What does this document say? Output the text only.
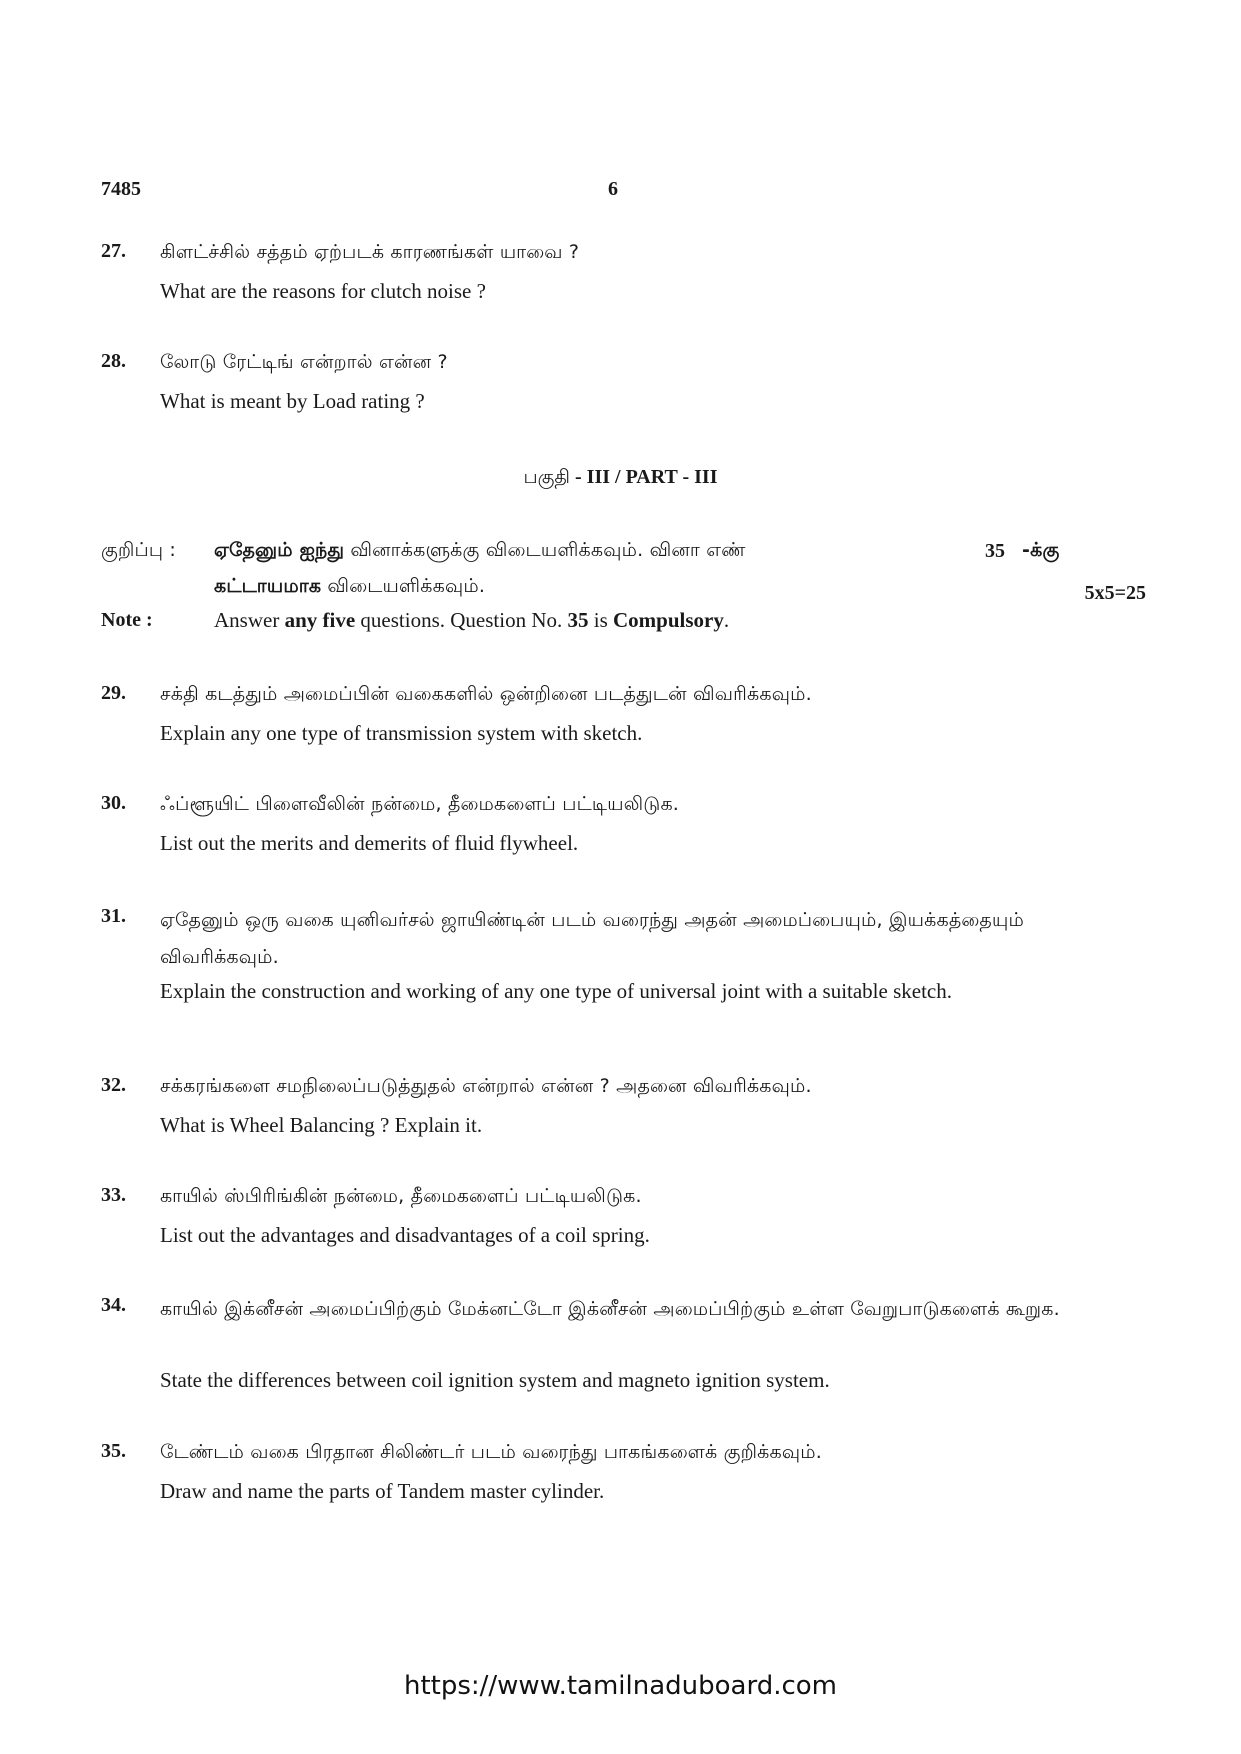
7485	6
27. கிளட்ச்சில் சத்தம் ஏற்படக் காரணங்கள் யாவை ?
What are the reasons for clutch noise ?
28. லோடு ரேட்டிங் என்றால் என்ன ?
What is meant by Load rating ?
பகுதி - III / PART - III
குறிப்பு : ஏதேனும் ஐந்து வினாக்களுக்கு விடையளிக்கவும். வினா எண்	35 -க்கு
கட்டாயமாக விடையளிக்கவும்.	5x5=25
Note :	Answer any five questions. Question No. 35 is Compulsory.
29. சக்தி கடத்தும் அமைப்பின் வகைகளில் ஒன்றினை படத்துடன் விவரிக்கவும்.
Explain any one type of transmission system with sketch.
30. ஃப்ளூயிட் பிளைவீலின் நன்மை, தீமைகளைப் பட்டியலிடுக.
List out the merits and demerits of fluid flywheel.
31. ஏதேனும் ஒரு வகை யுனிவர்சல் ஜாயிண்டின் படம் வரைந்து அதன் அமைப்பையும், இயக்கத்தையும் விவரிக்கவும்.
Explain the construction and working of any one type of universal joint with a suitable sketch.
32. சக்கரங்களை சமநிலைப்படுத்துதல் என்றால் என்ன ? அதனை விவரிக்கவும்.
What is Wheel Balancing ? Explain it.
33. காயில் ஸ்பிரிங்கின் நன்மை, தீமைகளைப் பட்டியலிடுக.
List out the advantages and disadvantages of a coil spring.
34. காயில் இக்னீசன் அமைப்பிற்கும் மேக்னட்டோ இக்னீசன் அமைப்பிற்கும் உள்ள வேறுபாடுகளைக் கூறுக.
State the differences between coil ignition system and magneto ignition system.
35. டேண்டம் வகை பிரதான சிலிண்டர் படம் வரைந்து பாகங்களைக் குறிக்கவும்.
Draw and name the parts of Tandem master cylinder.
https://www.tamilnaduboard.com
